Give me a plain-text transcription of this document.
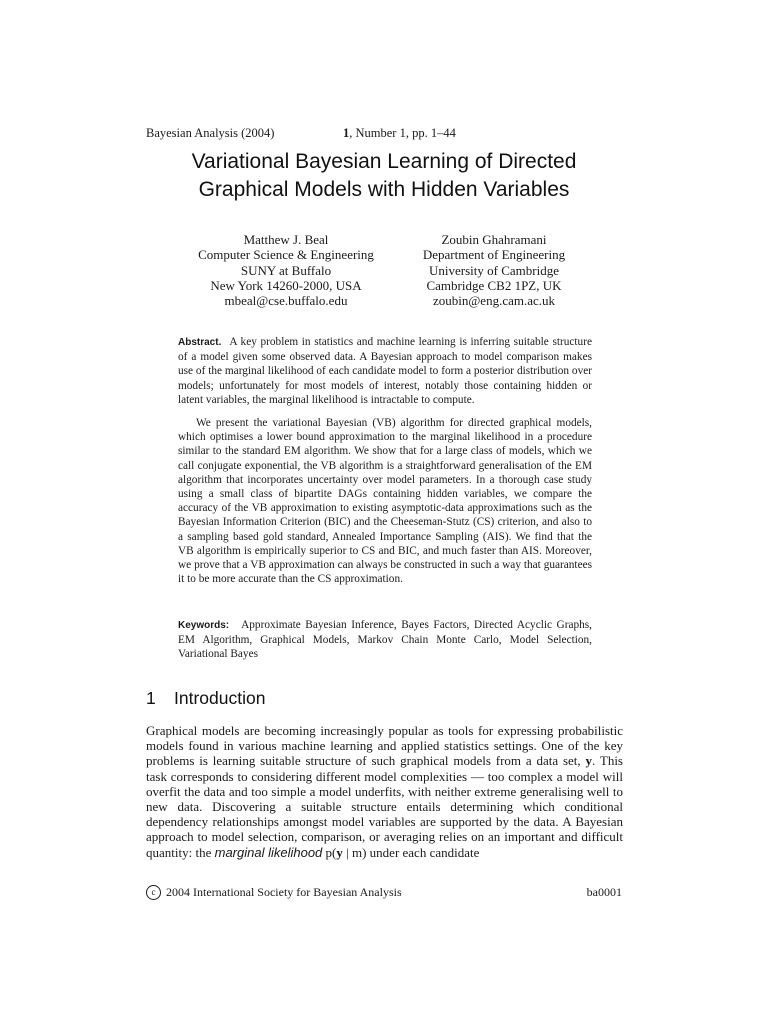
Bayesian Analysis (2004)	1, Number 1, pp. 1–44
Variational Bayesian Learning of Directed
Graphical Models with Hidden Variables
Matthew J. Beal
Computer Science & Engineering
SUNY at Buffalo
New York 14260-2000, USA
mbeal@cse.buffalo.edu
Zoubin Ghahramani
Department of Engineering
University of Cambridge
Cambridge CB2 1PZ, UK
zoubin@eng.cam.ac.uk

Abstract. A key problem in statistics and machine learning is inferring suitable structure of a model given some observed data. A Bayesian approach to model comparison makes use of the marginal likelihood of each candidate model to form a posterior distribution over models; unfortunately for most models of interest, notably those containing hidden or latent variables, the marginal likelihood is intractable to compute.

We present the variational Bayesian (VB) algorithm for directed graphical models, which optimises a lower bound approximation to the marginal likelihood in a procedure similar to the standard EM algorithm. We show that for a large class of models, which we call conjugate exponential, the VB algorithm is a straightforward generalisation of the EM algorithm that incorporates uncertainty over model parameters. In a thorough case study using a small class of bipartite DAGs containing hidden variables, we compare the accuracy of the VB approximation to existing asymptotic-data approximations such as the Bayesian Information Criterion (BIC) and the Cheeseman-Stutz (CS) criterion, and also to a sampling based gold standard, Annealed Importance Sampling (AIS). We find that the VB algorithm is empirically superior to CS and BIC, and much faster than AIS. Moreover, we prove that a VB approximation can always be constructed in such a way that guarantees it to be more accurate than the CS approximation.

Keywords: Approximate Bayesian Inference, Bayes Factors, Directed Acyclic Graphs, EM Algorithm, Graphical Models, Markov Chain Monte Carlo, Model Selection, Variational Bayes
1 Introduction
Graphical models are becoming increasingly popular as tools for expressing probabilistic models found in various machine learning and applied statistics settings. One of the key problems is learning suitable structure of such graphical models from a data set, y. This task corresponds to considering different model complexities — too complex a model will overfit the data and too simple a model underfits, with neither extreme generalising well to new data. Discovering a suitable structure entails determining which conditional dependency relationships amongst model variables are supported by the data. A Bayesian approach to model selection, comparison, or averaging relies on an important and difficult quantity: the marginal likelihood p(y | m) under each candidate
c 2004 International Society for Bayesian Analysis	ba0001
